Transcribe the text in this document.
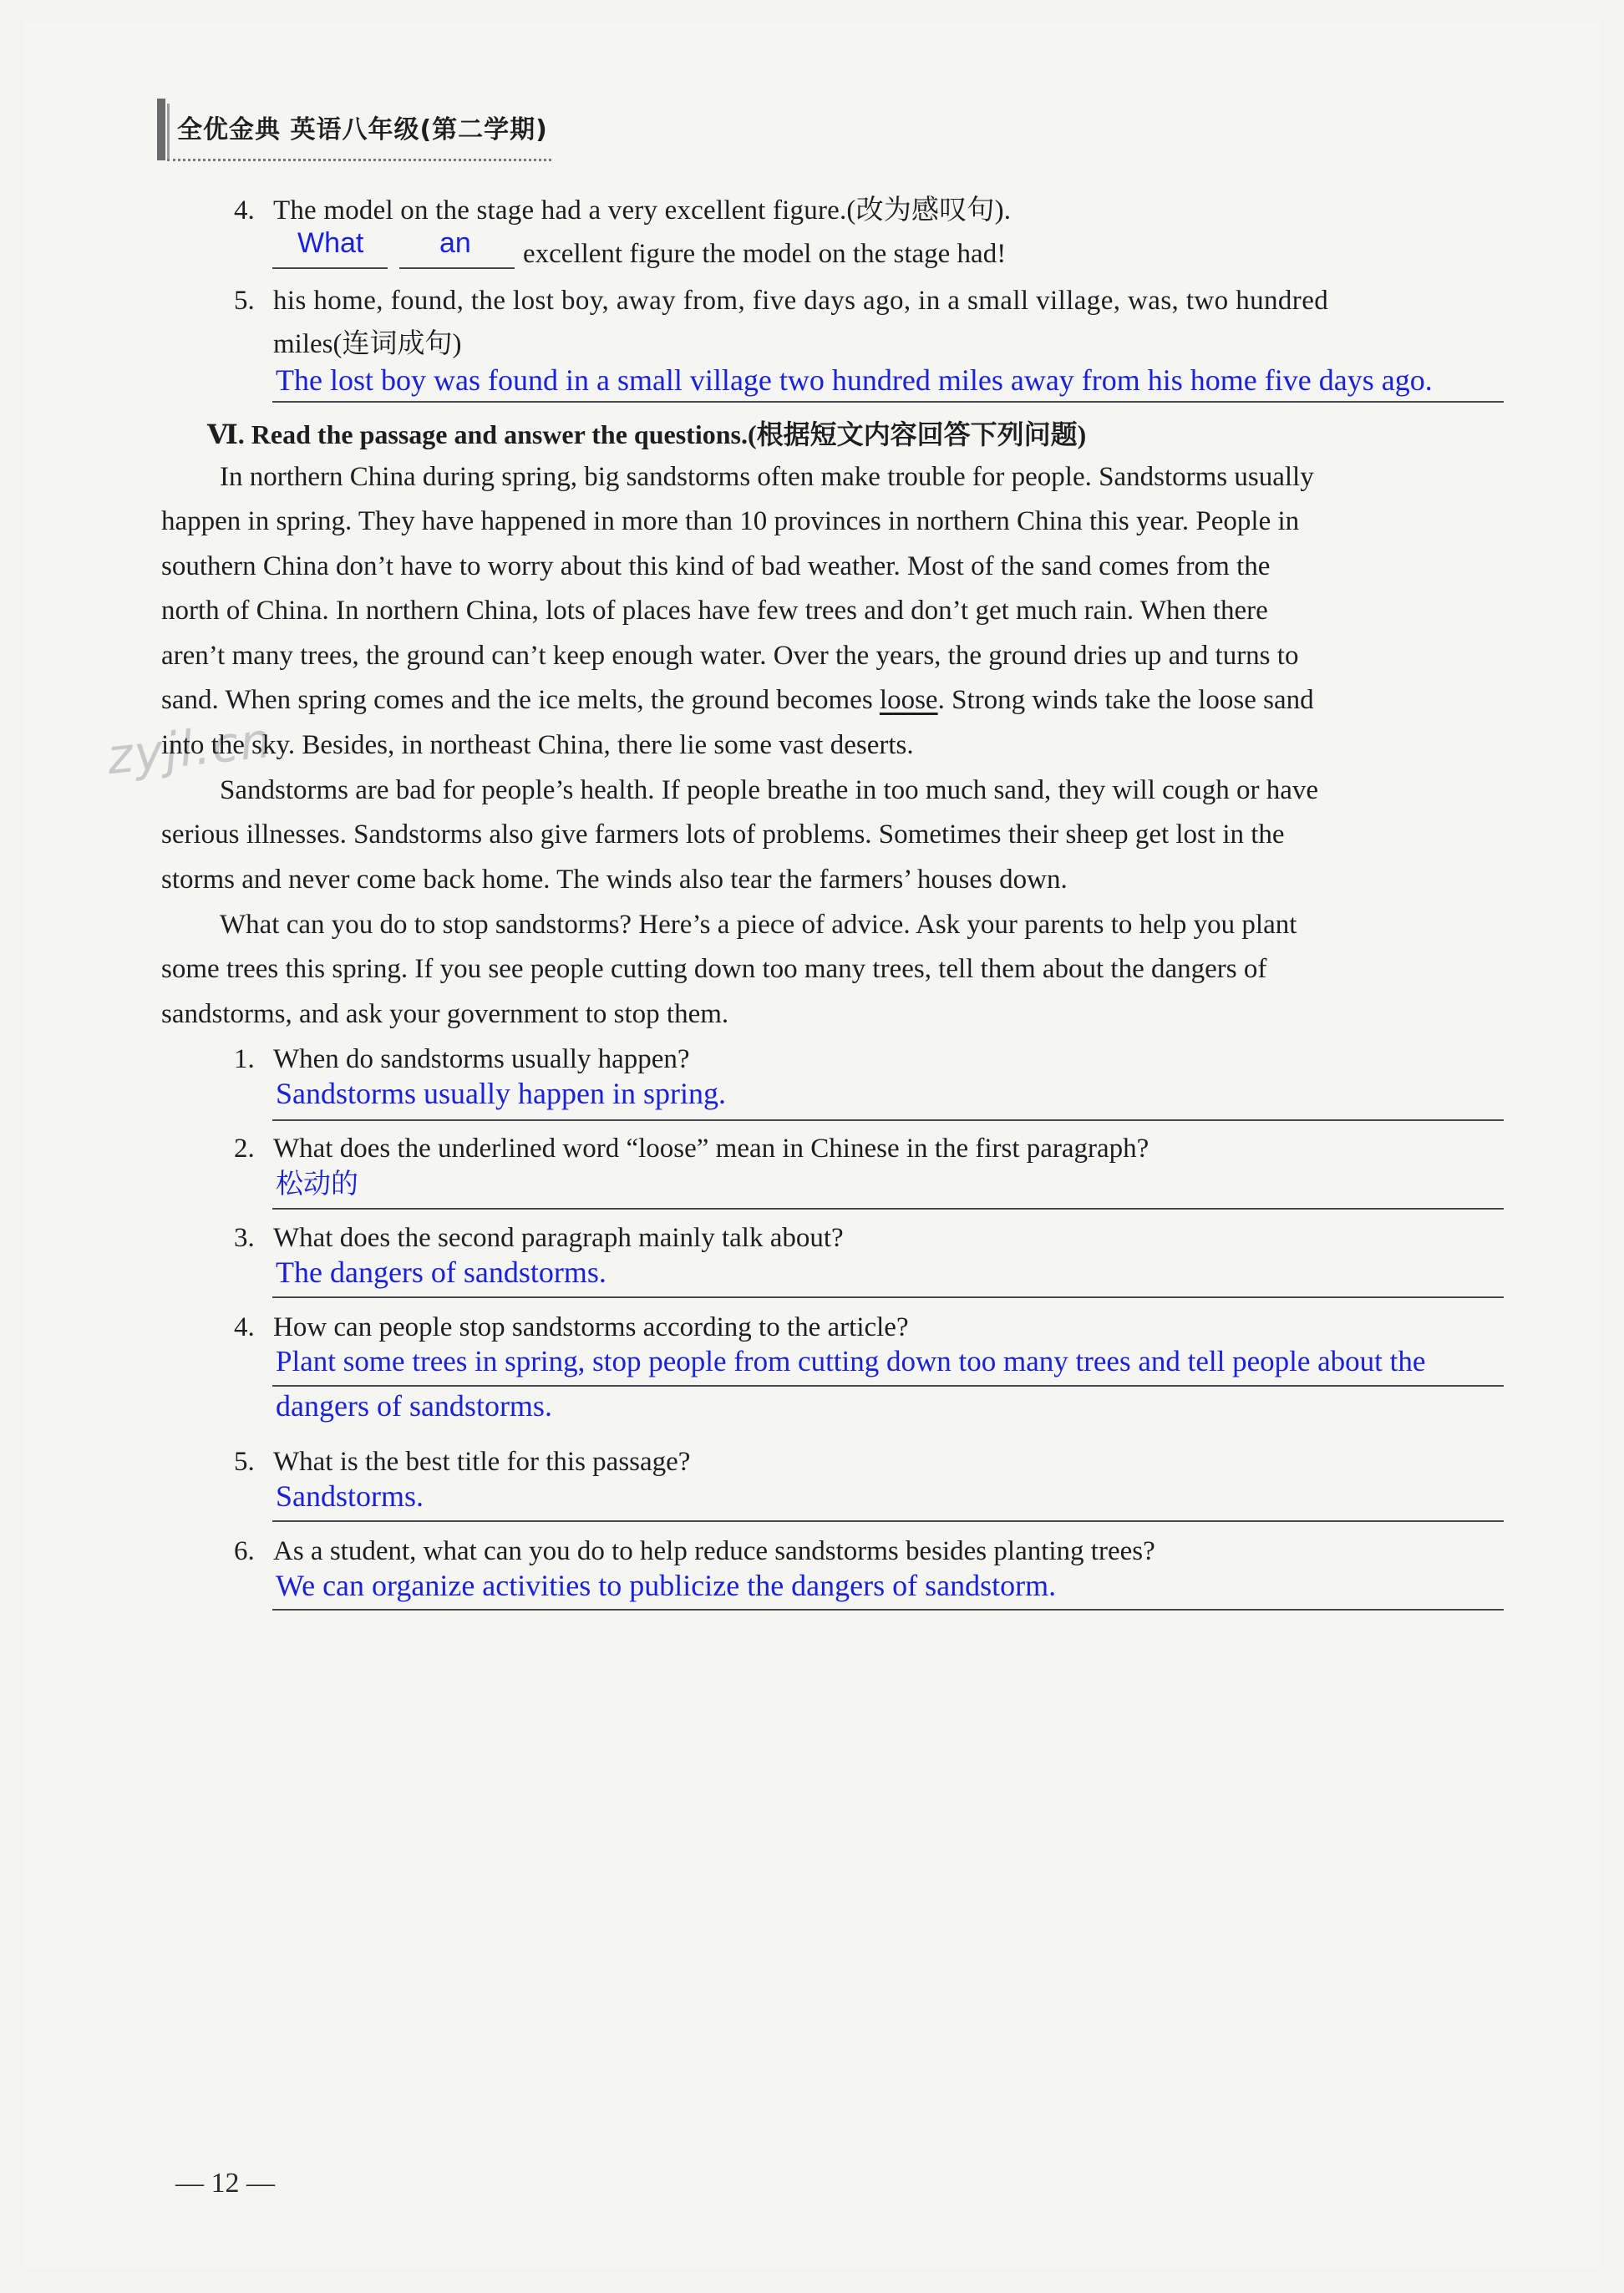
全优金典 英语八年级(第二学期)
4. The model on the stage had a very excellent figure.(改为感叹句).
What	an excellent figure the model on the stage had!
5. his home, found, the lost boy, away from, five days ago, in a small village, was, two hundred
miles(连词成句)
The lost boy was found in a small village two hundred miles away from his home five days ago.
Ⅵ. Read the passage and answer the questions.(根据短文内容回答下列问题)
zyjl.cn
In northern China during spring, big sandstorms often make trouble for people. Sandstorms usually
happen in spring. They have happened in more than 10 provinces in northern China this year. People in
southern China don’t have to worry about this kind of bad weather. Most of the sand comes from the
north of China. In northern China, lots of places have few trees and don’t get much rain. When there
aren’t many trees, the ground can’t keep enough water. Over the years, the ground dries up and turns to
sand. When spring comes and the ice melts, the ground becomes loose. Strong winds take the loose sand
into the sky. Besides, in northeast China, there lie some vast deserts.
Sandstorms are bad for people’s health. If people breathe in too much sand, they will cough or have
serious illnesses. Sandstorms also give farmers lots of problems. Sometimes their sheep get lost in the
storms and never come back home. The winds also tear the farmers’ houses down.
What can you do to stop sandstorms? Here’s a piece of advice. Ask your parents to help you plant
some trees this spring. If you see people cutting down too many trees, tell them about the dangers of
sandstorms, and ask your government to stop them.
1. When do sandstorms usually happen?
Sandstorms usually happen in spring.
2. What does the underlined word “loose” mean in Chinese in the first paragraph?
松动的
3. What does the second paragraph mainly talk about?
The dangers of sandstorms.
4. How can people stop sandstorms according to the article?
Plant some trees in spring, stop people from cutting down too many trees and tell people about the
dangers of sandstorms.
5. What is the best title for this passage?
Sandstorms.
6. As a student, what can you do to help reduce sandstorms besides planting trees?
We can organize activities to publicize the dangers of sandstorm.
— 12 —
